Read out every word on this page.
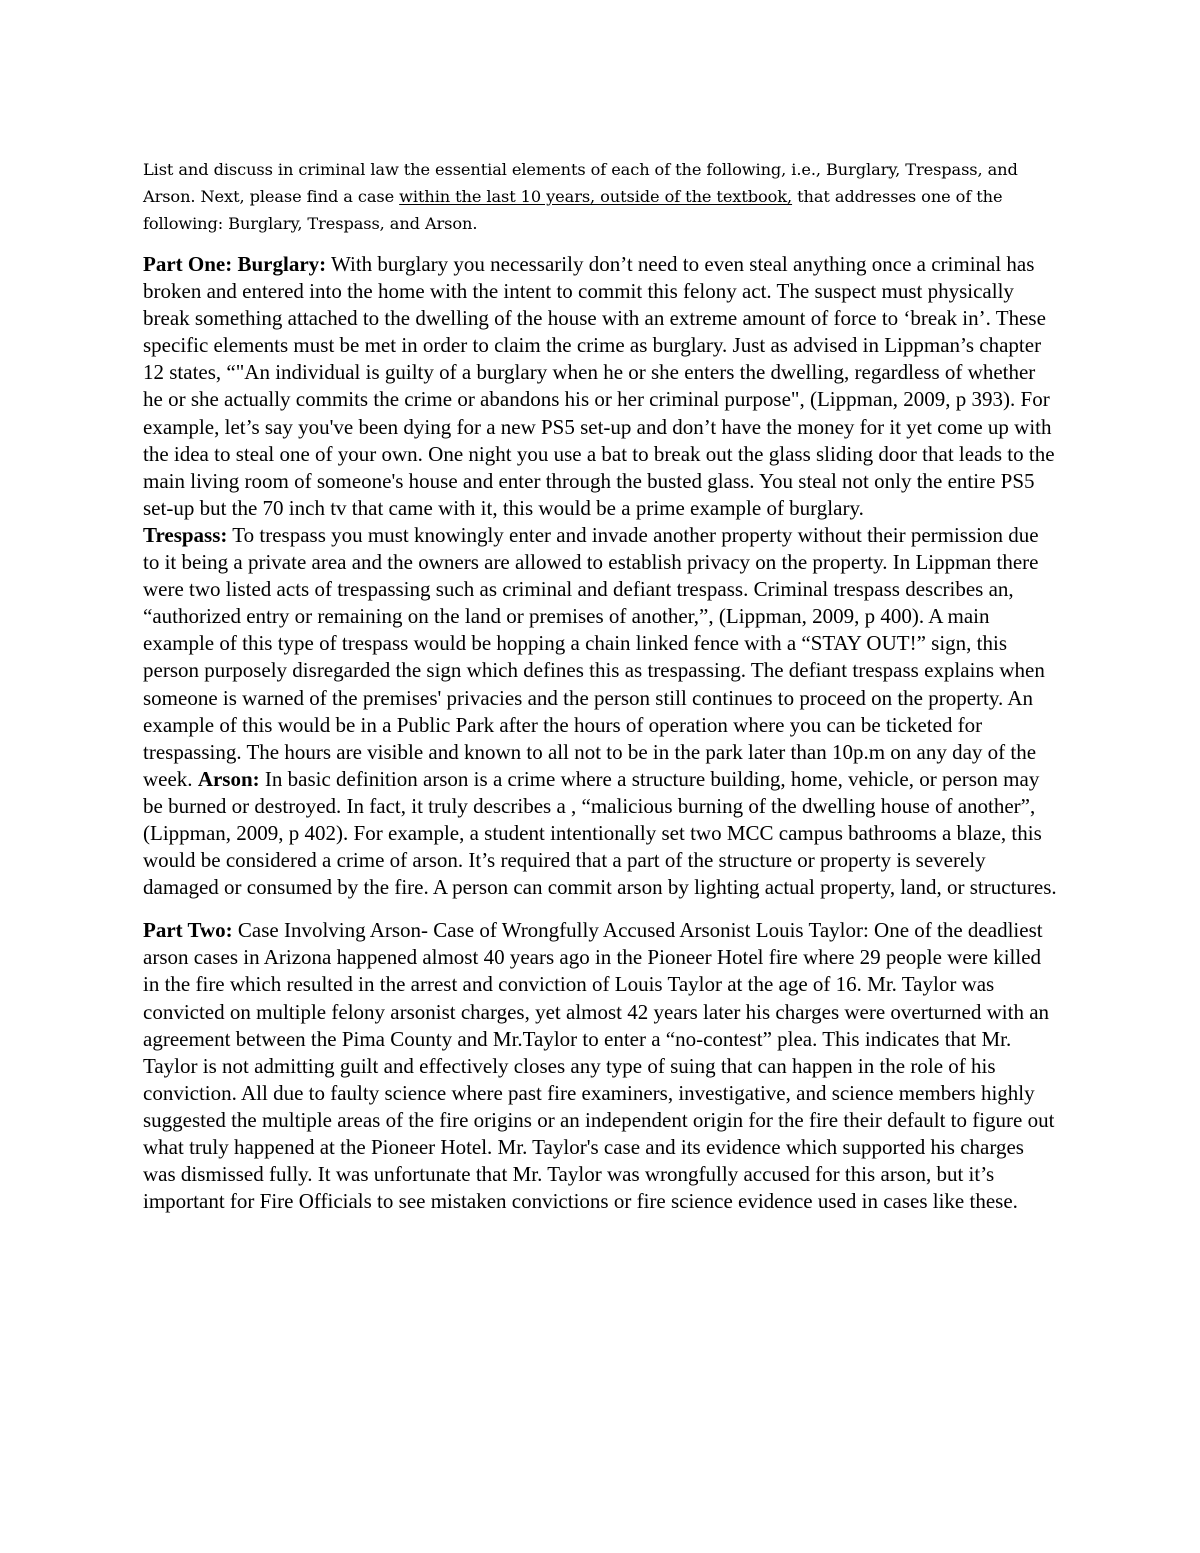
List and discuss in criminal law the essential elements of each of the following, i.e., Burglary, Trespass, and Arson. Next, please find a case within the last 10 years, outside of the textbook, that addresses one of the following: Burglary, Trespass, and Arson.

Part One: Burglary: With burglary you necessarily don’t need to even steal anything once a criminal has broken and entered into the home with the intent to commit this felony act. The suspect must physically break something attached to the dwelling of the house with an extreme amount of force to ‘break in’. These specific elements must be met in order to claim the crime as burglary. Just as advised in Lippman’s chapter 12 states, “"An individual is guilty of a burglary when he or she enters the dwelling, regardless of whether he or she actually commits the crime or abandons his or her criminal purpose", (Lippman, 2009, p 393). For example, let’s say you've been dying for a new PS5 set-up and don’t have the money for it yet come up with the idea to steal one of your own. One night you use a bat to break out the glass sliding door that leads to the main living room of someone's house and enter through the busted glass. You steal not only the entire PS5 set-up but the 70 inch tv that came with it, this would be a prime example of burglary.
Trespass: To trespass you must knowingly enter and invade another property without their permission due to it being a private area and the owners are allowed to establish privacy on the property. In Lippman there were two listed acts of trespassing such as criminal and defiant trespass. Criminal trespass describes an, “authorized entry or remaining on the land or premises of another,”, (Lippman, 2009, p 400). A main example of this type of trespass would be hopping a chain linked fence with a “STAY OUT!” sign, this person purposely disregarded the sign which defines this as trespassing. The defiant trespass explains when someone is warned of the premises' privacies and the person still continues to proceed on the property. An example of this would be in a Public Park after the hours of operation where you can be ticketed for trespassing. The hours are visible and known to all not to be in the park later than 10p.m on any day of the week. Arson: In basic definition arson is a crime where a structure building, home, vehicle, or person may be burned or destroyed. In fact, it truly describes a , “malicious burning of the dwelling house of another”, (Lippman, 2009, p 402). For example, a student intentionally set two MCC campus bathrooms a blaze, this would be considered a crime of arson. It’s required that a part of the structure or property is severely damaged or consumed by the fire. A person can commit arson by lighting actual property, land, or structures.

Part Two: Case Involving Arson- Case of Wrongfully Accused Arsonist Louis Taylor: One of the deadliest arson cases in Arizona happened almost 40 years ago in the Pioneer Hotel fire where 29 people were killed in the fire which resulted in the arrest and conviction of Louis Taylor at the age of 16. Mr. Taylor was convicted on multiple felony arsonist charges, yet almost 42 years later his charges were overturned with an agreement between the Pima County and Mr.Taylor to enter a “no-contest” plea. This indicates that Mr. Taylor is not admitting guilt and effectively closes any type of suing that can happen in the role of his conviction. All due to faulty science where past fire examiners, investigative, and science members highly suggested the multiple areas of the fire origins or an independent origin for the fire their default to figure out what truly happened at the Pioneer Hotel. Mr. Taylor's case and its evidence which supported his charges was dismissed fully. It was unfortunate that Mr. Taylor was wrongfully accused for this arson, but it’s important for Fire Officials to see mistaken convictions or fire science evidence used in cases like these.
